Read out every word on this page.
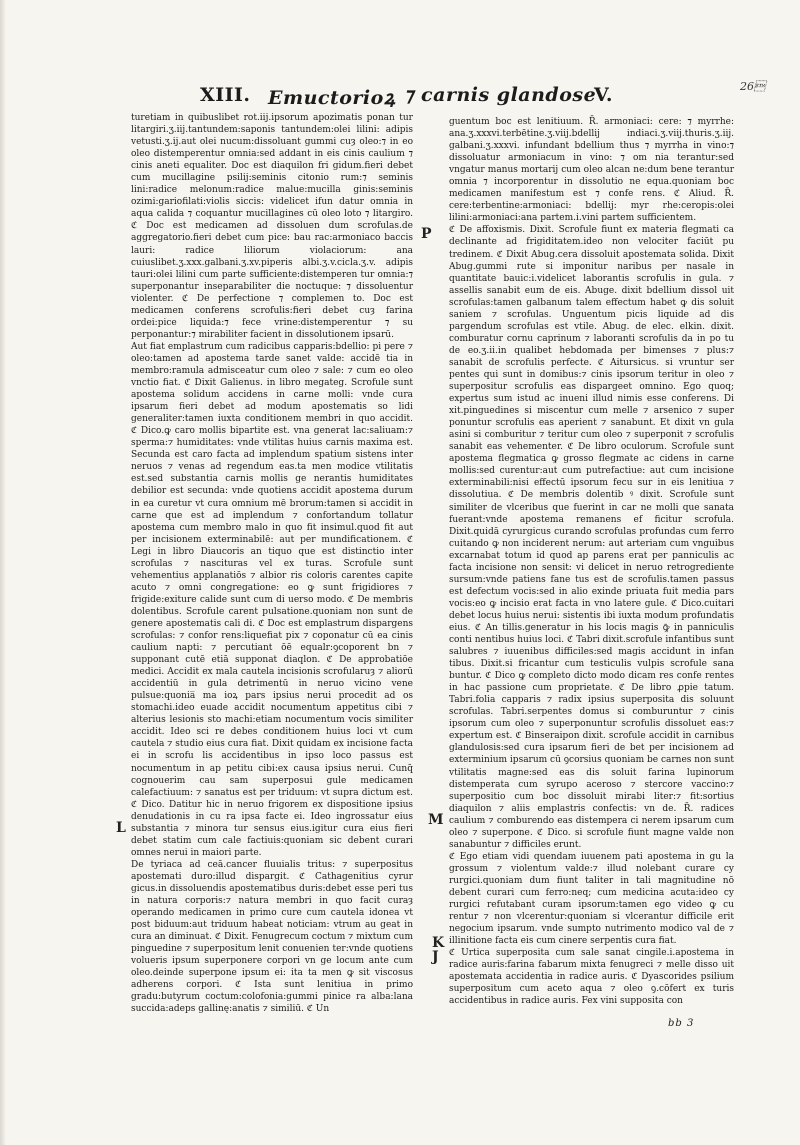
26
XIII. Emuctorioꝝ ⁊ carnis glandose
V.

turetiam in quibuslibet rot.iij.ipsorum apozimatis ponan tur litargiri.ʒ.iij.tantundem:saponis tantundem:olei lilini: adipis vetusti.ʒ.ij.aut olei nucum:dissoluant gummi cuȝ oleo:⁊ in eo oleo distemperentur omnia:sed addant in eis cinis caulium ⁊ cinis aneti equaliter. Doc est diaquilon fri gidum.fieri debet cum mucillagine psilij:seminis citonio rum:⁊ seminis lini:radice melonum:radice malue:mucilla ginis:seminis ozimi:gariofilati:violis siccis: videlicet ifun datur omnia in aqua calida ⁊ coquantur mucillagines cū oleo loto ⁊ litargiro. ℭ Doc est medicamen ad dissoluen dum scrofulas.de aggregatorio.fieri debet cum pice: bau rac:armoniaco baccis lauri: radice liliorum violaciorum: ana cuiuslibet.ʒ.xxx.galbani.ʒ.xv.piperis albi.ʒ.v.cicla.ʒ.v. adipis tauri:olei lilini cum parte sufficiente:distemperen tur omnia:⁊ superponantur inseparabiliter die noctuque: ⁊ dissoluentur violenter. ℭ De perfectione ⁊ complemen to. Doc est medicamen conferens scrofulis:fieri debet cuȝ farina ordei:pice liquida:⁊ fece vrine:distemperentur ⁊ su perponantur:⁊ mirabiliter facient in dissolutionem ipsarū.

Aut fiat emplastrum cum radicibus capparis:bdellio: pi pere ⁊ oleo:tamen ad apostema tarde sanet valde: accidē tia in membro:ramula admisceatur cum oleo ⁊ sale: ⁊ cum eo oleo vnctio fiat. ℭ Dixit Galienus. in libro megateg. Scrofule sunt apostema solidum accidens in carne molli: vnde cura ipsarum fieri debet ad modum apostematis so lidi generaliter:tamen iuxta conditionem membri in quo accidit. ℭ Dico.ꝙ caro mollis bipartite est. vna generat lac:saliuam:⁊ sperma:⁊ humiditates: vnde vtilitas huius carnis maxima est. Secunda est caro facta ad implendum spatium sistens inter neruos ⁊ venas ad regendum eas.ta men modice vtilitatis est.sed substantia carnis mollis ge nerantis humiditates debilior est secunda: vnde quotiens accidit apostema durum in ea curetur vt cura omnium mē brorum:tamen si accidit in carne que est ad implendum ⁊ confortandum tollatur apostema cum membro malo in quo fit insimul.quod fit aut per incisionem exterminabilē: aut per mundificationem. ℭ Legi in libro Diaucoris an tiquo que est distinctio inter scrofulas ⁊ nascituras vel ex turas. Scrofule sunt vehementius applanatiōs ⁊ albior ris coloris carentes capite acuto ⁊ omni congregatione: eo ꝙ sunt frigidiores ⁊ frigide:exiture calide sunt cum di uerso modo. ℭ De membris dolentibus. Scrofule carent pulsatione.quoniam non sunt de genere apostematis cali di. ℭ Doc est emplastrum dispargens scrofulas: ⁊ confor rens:liquefiat pix ⁊ coponatur cū ea cinis caulium napti: ⁊ percutiant ōē equalr:ꝯcoporent bn ⁊ supponant cutē etiā supponat diaqlon. ℭ De approbatiōe medici. Accidit ex mala cautela incisionis scrofularuȝ ⁊ aliorū accidentiū in gula detrimentū in neruo vicino vene pulsue:quonia̅ ma ioꝝ pars ipsius nerui procedit ad os stomachi.ideo euade accidit nocumentum appetitus cibi ⁊ alterius lesionis sto machi:etiam nocumentum vocis similiter accidit. Ideo sci re debes conditionem huius loci vt cum cautela ⁊ studio eius cura fiat. Dixit quidam ex incisione facta ei in scrofu lis accidentibus in ipso loco passus est nocumentum in ap petitu cibi:ex causa ipsius nerui. Cunq̄ cognouerim cau sam superposui gule medicamen calefactiuum: ⁊ sanatus est per triduum: vt supra dictum est. ℭ Dico. Datitur hic in neruo frigorem ex dispositione ipsius denudationis in cu ra ipsa facte ei. Ideo ingrossatur eius substantia ⁊ minora tur sensus eius.igitur cura eius fieri debet statim cum cale factiuis:quoniam sic debent curari omnes nerui in maiori parte.

De tyriaca ad ceā.cancer fluuialis tritus: ⁊ superpositus apostemati duro:illud dispargit. ℭ Cathagenitius cyrur gicus.in dissoluendis apostematibus duris:debet esse peri tus in natura corporis:⁊ natura membri in quo facit curaȝ operando medicamen in primo cure cum cautela idonea vt post biduum:aut triduum habeat noticiam: vtrum au geat in cura an diminuat. ℭ Dixit. Fenugrecum coctum ⁊ mixtum cum pinguedine ⁊ superpositum lenit conuenien ter:vnde quotiens volueris ipsum superponere corpori vn ge locum ante cum oleo.deinde superpone ipsum ei: ita ta men ꝙ sit viscosus adherens corpori. ℭ Ista sunt lenitiua in primo gradu:butyrum coctum:colofonia:gummi pinice ra alba:lana succida:adeps gallinę:anatis ⁊ similiū. ℭ Un

L

guentum boc est lenitiuum. R̄. armoniaci: cere: ⁊ myrrhe: ana.ʒ.xxxvi.terbētine.ʒ.viij.bdellij indiaci.ʒ.viij.thuris.ʒ.iij. galbani.ʒ.xxxvi. infundant bdellium thus ⁊ myrrha in vino:⁊ dissoluatur armoniacum in vino: ⁊ om nia terantur:sed vngatur manus mortarij cum oleo alcan ne:dum bene terantur omnia ⁊ incorporentur in dissolutio ne equa.quoniam boc medicamen manifestum est ⁊ confe rens. ℭ Aliud. R̄. cere:terbentine:armoniaci: bdellij: myr rhe:ceropis:olei lilini:armoniaci:ana partem.i.vini partem sufficientem.

ℭ De affoxismis. Dixit. Scrofule fiunt ex materia flegmati ca declinante ad frigiditatem.ideo non velociter faciūt pu tredinem. ℭ Dixit Abug.cera dissoluit apostemata solida. Dixit Abug.gummi rute si imponitur naribus per nasale in quantitate bauic:i.videlicet laborantis scrofulis in gula. ⁊ assellis sanabit eum de eis. Abuge. dixit bdellium dissol uit scrofulas:tamen galbanum talem effectum habet ꝙ dis soluit saniem ⁊ scrofulas. Unguentum picis liquide ad dis pargendum scrofulas est vtile. Abug. de elec. elkin. dixit. comburatur cornu caprinum ⁊ laboranti scrofulis da in po tu de eo.ʒ.ii.in qualibet hebdomada per bimenses ⁊ plus:⁊ sanabit de scrofulis perfecte. ℭ Aitursicus. si vruntur ser pentes qui sunt in domibus:⁊ cinis ipsorum teritur in oleo ⁊ superpositur scrofulis eas dispargeet omnino. Ego quoq; expertus sum istud ac inueni illud nimis esse conferens. Di xit.pinguedines si miscentur cum melle ⁊ arsenico ⁊ super ponuntur scrofulis eas aperient ⁊ sanabunt. Et dixit vn gula asini si comburitur ⁊ teritur cum oleo ⁊ superponit ⁊ scrofulis sanabit eas vehementer. ℭ De libro oculorum. Scrofule sunt apostema flegmatica ꝙ grosso flegmate ac cidens in carne mollis:sed curentur:aut cum putrefactiue: aut cum incisione exterminabili:nisi effectū ipsorum fecu sur in eis lenitiua ⁊ dissolutiua. ℭ De membris dolentib ꝰ dixit. Scrofule sunt similiter de vlceribus que fuerint in car ne molli que sanata fuerant:vnde apostema remanens ef ficitur scrofula. Dixit.quidā cyrurgicus curando scrofulas profundas cum ferro cuitando ꝙ non inciderent nerum: aut arteriam cum vnguibus excarnabat totum id quod ap parens erat per panniculis ac facta incisione non sensit: vi delicet in neruo retrogrediente sursum:vnde patiens fane tus est de scrofulis.tamen passus est defectum vocis:sed in alio exinde priuata fuit media pars vocis:eo ꝙ incisio erat facta in vno latere gule. ℭ Dico.cuitari debet locus huius nerui: sistentis ibi iuxta modum profundatis eius. ℭ An tillis.generatur in his locis magis ꝙ̄ in panniculis conti nentibus huius loci. ℭ Tabri dixit.scrofule infantibus sunt salubres ⁊ iuuenibus difficiles:sed magis accidunt in infan tibus. Dixit.si fricantur cum testiculis vulpis scrofule sana buntur. ℭ Dico ꝙ completo dicto modo dicam res confe rentes in hac passione cum proprietate. ℭ De libro ꝓpie tatum. Tabri.folia capparis ⁊ radix ipsius superposita dis soluunt scrofulas. Tabri.serpentes domus si comburuntur ⁊ cinis ipsorum cum oleo ⁊ superponuntur scrofulis dissoluet eas:⁊ expertum est. ℭ Binseraipon dixit. scrofule accidit in carnibus glandulosis:sed cura ipsarum fieri de bet per incisionem ad exterminium ipsarum cū ꝯcorsius quoniam be carnes non sunt vtilitatis magne:sed eas dis soluit farina lupinorum distemperata cum syrupo aceroso ⁊ stercore vaccino:⁊ superpositio cum boc dissoluit mirabi liter:⁊ fit:sortius diaquilon ⁊ aliis emplastris confectis: vn de. R̄. radices caulium ⁊ comburendo eas distempera ci nerem ipsarum cum oleo ⁊ superpone. ℭ Dico. si scrofule fiunt magne valde non sanabuntur ⁊ difficiles erunt.

ℭ Ego etiam vidi quendam iuuenem pati apostema in gu la grossum ⁊ violentum valde:⁊ illud nolebant curare cy rurgici.quoniam dum fiunt taliter in tali magnitudine nō debent curari cum ferro:neq; cum medicina acuta:ideo cy rurgici refutabant curam ipsorum:tamen ego video ꝙ cu rentur ⁊ non vlcerentur:quoniam si vlcerantur difficile erit negocium ipsarum. vnde sumpto nutrimento modico val de ⁊ illinitione facta eis cum cinere serpentis cura fiat.

ℭ Urtica superposita cum sale sanat cingile.i.apostema in radice auris:farina fabarum mixta fenugreci ⁊ melle disso uit apostemata accidentia in radice auris. ℭ Dyascorides psilium superpositum cum aceto aqua ⁊ oleo ꝯ.cōfert ex turis accidentibus in radice auris. Fex vini supposita con

P
M
K
J
bb 3
